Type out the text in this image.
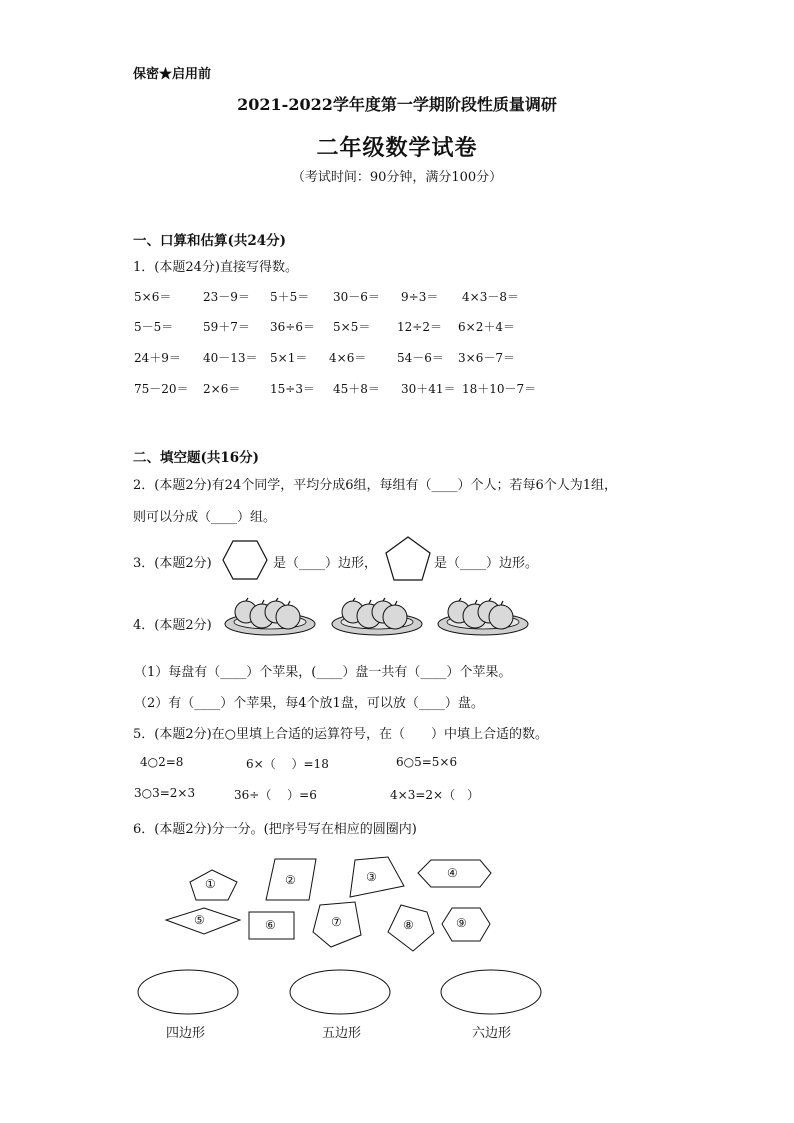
保密★启用前
2021-2022学年度第一学期阶段性质量调研
二年级数学试卷
（考试时间：90分钟，满分100分）
一、口算和估算(共24分)
1．(本题24分)直接写得数。
5×6＝	23－9＝ 5＋5＝ 30－6＝ 9÷3＝ 4×3－8＝
5－5＝ 59＋7＝ 36÷6＝ 5×5＝ 12÷2＝ 6×2＋4＝
24＋9＝ 40－13＝ 5×1＝ 4×6＝	54－6＝ 3×6－7＝
75－20＝ 2×6＝ 15÷3＝ 45＋8＝ 30＋41＝ 18＋10－7＝
二、填空题(共16分)
2．(本题2分)有24个同学，平均分成6组，每组有（____）个人；若每6个人为1组，
则可以分成（____）组。
3．(本题2分)	是（____）边形，	是（____）边形。
4．(本题2分)
（1）每盘有（____）个苹果，(____）盘一共有（____）个苹果。
（2）有（____）个苹果，每4个放1盘，可以放（____）盘。
5．(本题2分)在○里填上合适的运算符号，在（　　）中填上合适的数。
4○2=8	6×（　 ）=18	6○5=5×6
3○3=2×3	36÷（　 ）=6	4×3=2×（　）
6．(本题2分)分一分。(把序号写在相应的圆圈内)
①	②	③	④
⑤	⑥	⑦	⑧	⑨
四边形	五边形	六边形
